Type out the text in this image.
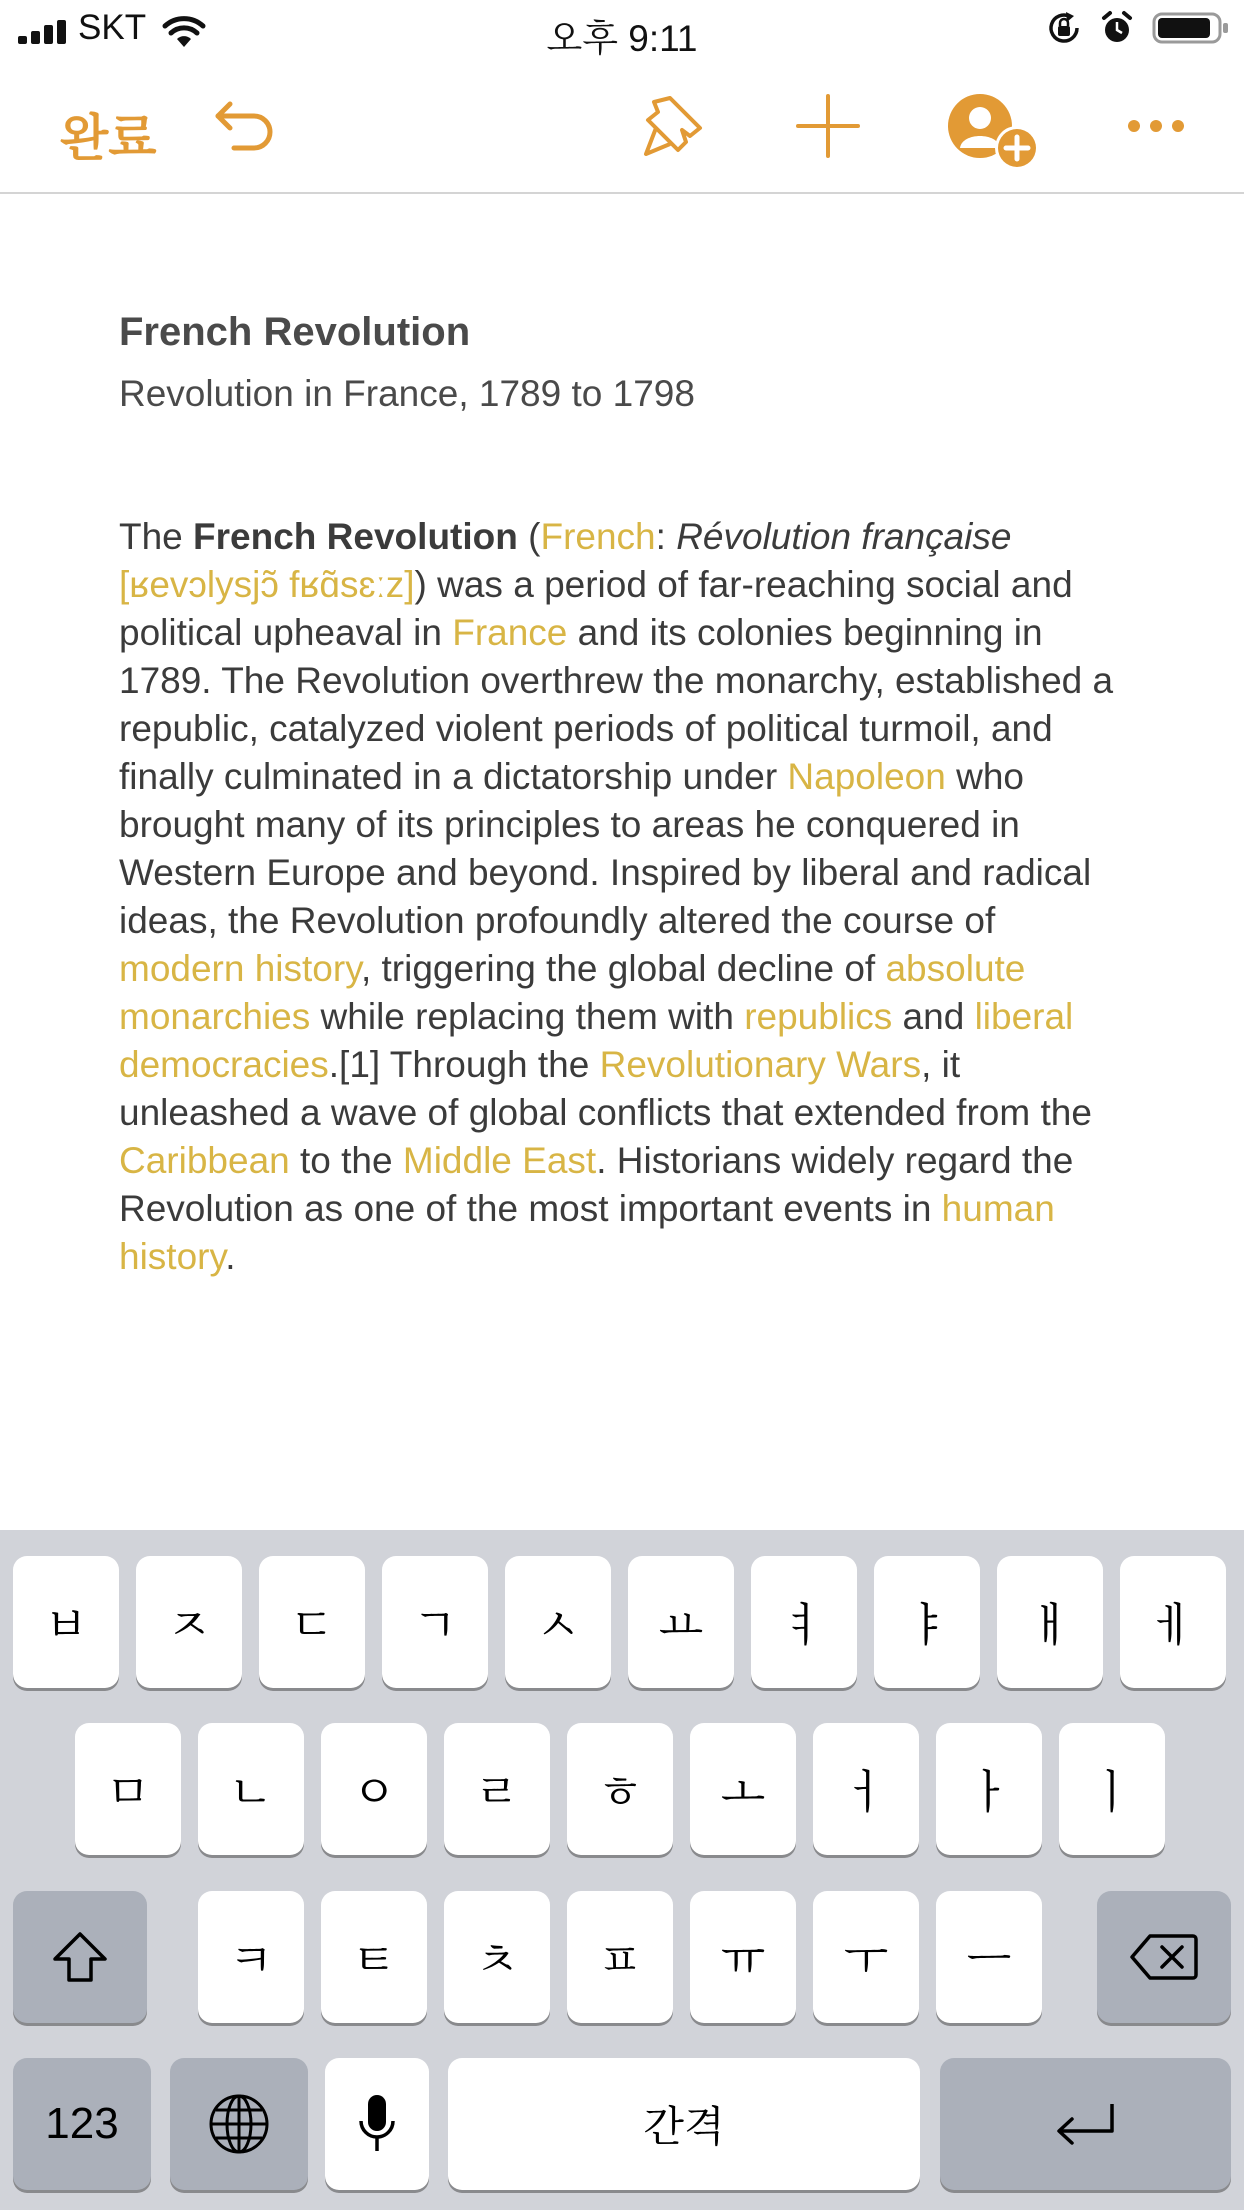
SKT	오후 9:11
완료
French Revolution
Revolution in France, 1789 to 1798
The French Revolution (French: Révolution française [ʁevɔlysjɔ̃ fʁɑ̃sɛːz]) was a period of far-reaching social and political upheaval in France and its colonies beginning in 1789. The Revolution overthrew the monarchy, established a republic, catalyzed violent periods of political turmoil, and finally culminated in a dictatorship under Napoleon who brought many of its principles to areas he conquered in Western Europe and beyond. Inspired by liberal and radical ideas, the Revolution profoundly altered the course of modern history, triggering the global decline of absolute monarchies while replacing them with republics and liberal democracies.[1] Through the Revolutionary Wars, it unleashed a wave of global conflicts that extended from the Caribbean to the Middle East. Historians widely regard the Revolution as one of the most important events in human history.
ㅂ ㅈ ㄷ ㄱ ㅅ ㅛ ㅕ ㅑ ㅐ ㅔ
ㅁ ㄴ ㅇ ㄹ ㅎ ㅗ ㅓ ㅏ ㅣ
ㅋ ㅌ ㅊ ㅍ ㅠ ㅜ ㅡ
123	간격
